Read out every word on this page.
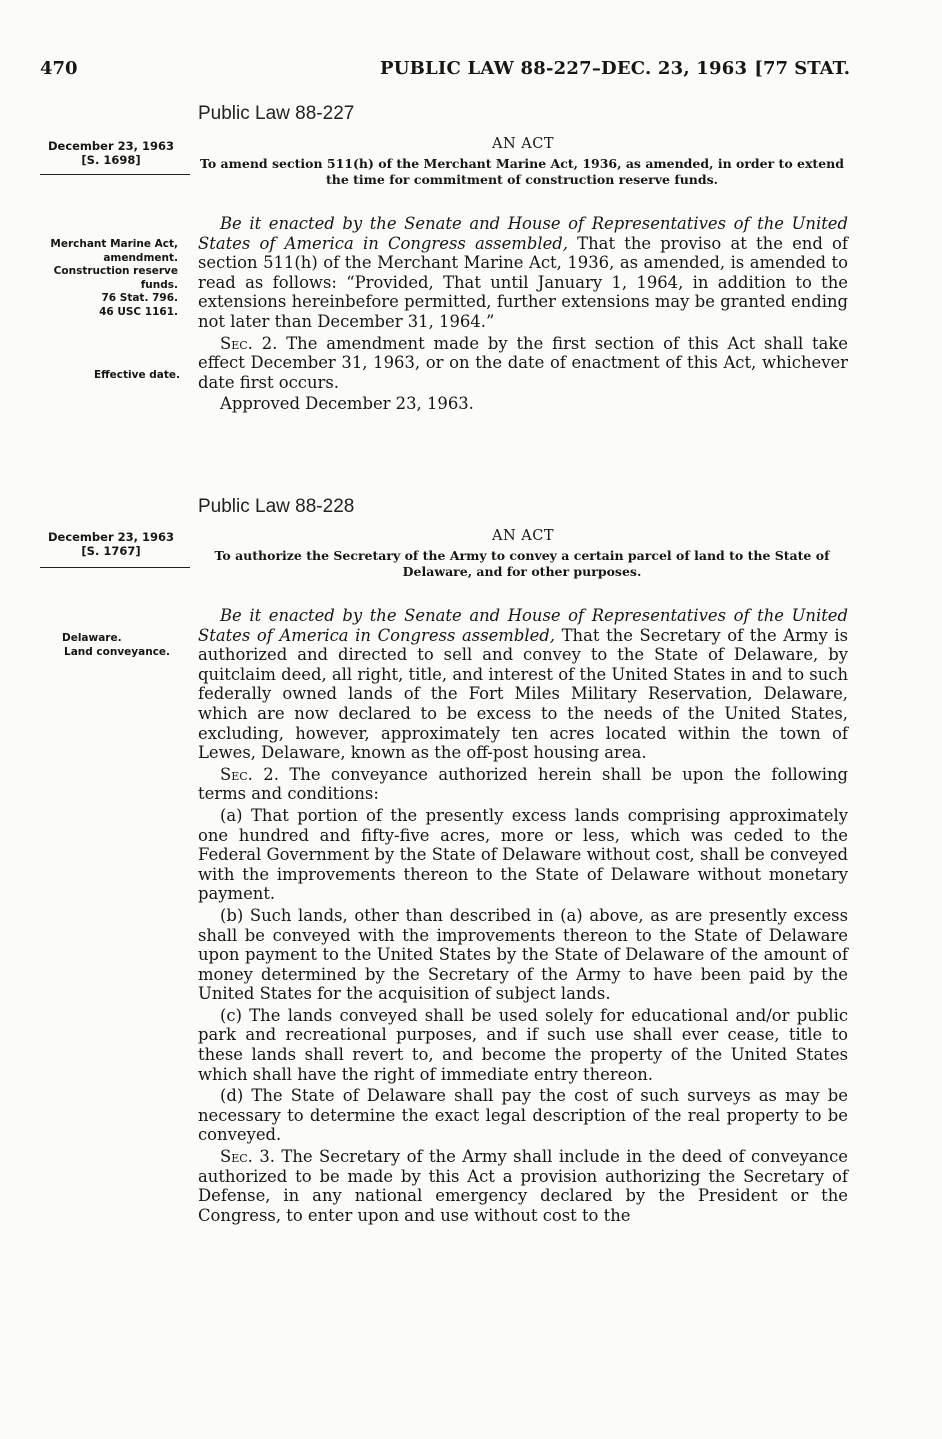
470	PUBLIC LAW 88-227–DEC. 23, 1963 [77 STAT.
Public Law 88-227
December 23, 1963
[S. 1698]
AN ACT
To amend section 511(h) of the Merchant Marine Act, 1936, as amended, in order to extend the time for commitment of construction reserve funds.
Merchant Marine Act, amendment.
Construction reserve funds.
76 Stat. 796.
46 USC 1161.
Effective date.

Be it enacted by the Senate and House of Representatives of the United States of America in Congress assembled, That the proviso at the end of section 511(h) of the Merchant Marine Act, 1936, as amended, is amended to read as follows: “Provided, That until January 1, 1964, in addition to the extensions hereinbefore permitted, further extensions may be granted ending not later than December 31, 1964.”

Sec. 2. The amendment made by the first section of this Act shall take effect December 31, 1963, or on the date of enactment of this Act, whichever date first occurs.

Approved December 23, 1963.

Public Law 88-228
December 23, 1963
[S. 1767]
AN ACT
To authorize the Secretary of the Army to convey a certain parcel of land to the State of Delaware, and for other purposes.
Delaware.
Land conveyance.

Be it enacted by the Senate and House of Representatives of the United States of America in Congress assembled, That the Secretary of the Army is authorized and directed to sell and convey to the State of Delaware, by quitclaim deed, all right, title, and interest of the United States in and to such federally owned lands of the Fort Miles Military Reservation, Delaware, which are now declared to be excess to the needs of the United States, excluding, however, approximately ten acres located within the town of Lewes, Delaware, known as the off-post housing area.

Sec. 2. The conveyance authorized herein shall be upon the following terms and conditions:

(a) That portion of the presently excess lands comprising approximately one hundred and fifty-five acres, more or less, which was ceded to the Federal Government by the State of Delaware without cost, shall be conveyed with the improvements thereon to the State of Delaware without monetary payment.

(b) Such lands, other than described in (a) above, as are presently excess shall be conveyed with the improvements thereon to the State of Delaware upon payment to the United States by the State of Delaware of the amount of money determined by the Secretary of the Army to have been paid by the United States for the acquisition of subject lands.

(c) The lands conveyed shall be used solely for educational and/or public park and recreational purposes, and if such use shall ever cease, title to these lands shall revert to, and become the property of the United States which shall have the right of immediate entry thereon.

(d) The State of Delaware shall pay the cost of such surveys as may be necessary to determine the exact legal description of the real property to be conveyed.

Sec. 3. The Secretary of the Army shall include in the deed of conveyance authorized to be made by this Act a provision authorizing the Secretary of Defense, in any national emergency declared by the President or the Congress, to enter upon and use without cost to the
